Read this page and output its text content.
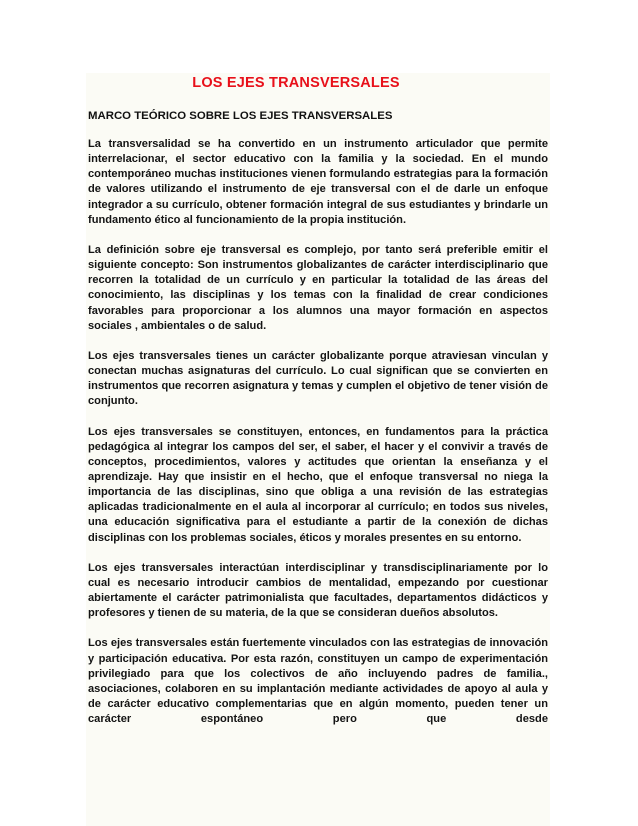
LOS EJES TRANSVERSALES
MARCO TEÓRICO SOBRE LOS EJES TRANSVERSALES

La transversalidad se ha convertido en un instrumento articulador que permite interrelacionar, el sector educativo con la familia y la sociedad. En el mundo contemporáneo muchas instituciones vienen formulando estrategias para la formación de valores utilizando el instrumento de eje transversal con el de darle un enfoque integrador a su currículo, obtener formación integral de sus estudiantes y brindarle un fundamento ético al funcionamiento de la propia institución.

La definición sobre eje transversal es complejo, por tanto será preferible emitir el siguiente concepto: Son instrumentos globalizantes de carácter interdisciplinario que recorren la totalidad de un currículo y en particular la totalidad de las áreas del conocimiento, las disciplinas y los temas con la finalidad de crear condiciones favorables para proporcionar a los alumnos una mayor formación en aspectos sociales , ambientales o de salud.

Los ejes transversales tienes un carácter globalizante porque atraviesan vinculan y conectan muchas asignaturas del currículo. Lo cual significan que se convierten en instrumentos que recorren asignatura y temas y cumplen el objetivo de tener visión de conjunto.

Los ejes transversales se constituyen, entonces, en fundamentos para la práctica pedagógica al integrar los campos del ser, el saber, el hacer y el convivir a través de conceptos, procedimientos, valores y actitudes que orientan la enseñanza y el aprendizaje. Hay que insistir en el hecho, que el enfoque transversal no niega la importancia de las disciplinas, sino que obliga a una revisión de las estrategias aplicadas tradicionalmente en el aula al incorporar al currículo; en todos sus niveles, una educación significativa para el estudiante a partir de la conexión de dichas disciplinas con los problemas sociales, éticos y morales presentes en su entorno.

Los ejes transversales interactúan interdisciplinar y transdisciplinariamente por lo cual es necesario introducir cambios de mentalidad, empezando por cuestionar abiertamente el carácter patrimonialista que facultades, departamentos didácticos y profesores y tienen de su materia, de la que se consideran dueños absolutos.

Los ejes transversales están fuertemente vinculados con las estrategias de innovación y participación educativa. Por esta razón, constituyen un campo de experimentación privilegiado para que los colectivos de año incluyendo padres de familia., asociaciones, colaboren en su implantación mediante actividades de apoyo al aula y de carácter educativo complementarias que en algún momento, pueden tener un carácter espontáneo pero que desde
